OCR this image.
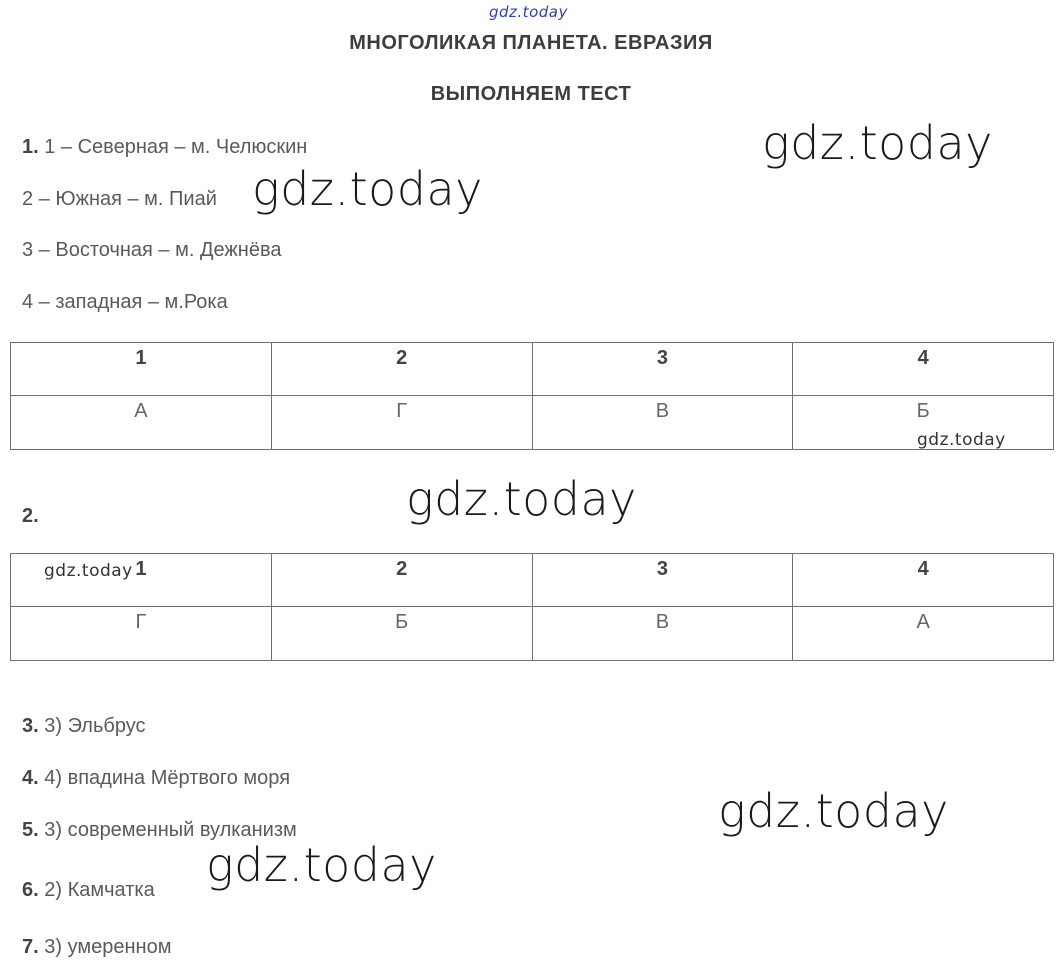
gdz.today
gdz.today
gdz.today
gdz.today
gdz.today
gdz.today
gdz.today
МНОГОЛИКАЯ ПЛАНЕТА. ЕВРАЗИЯ
ВЫПОЛНЯЕМ ТЕСТ
1. 1 – Северная – м. Челюскин
2 – Южная – м. Пиай
3 – Восточная – м. Дежнёва
4 – западная – м.Рока
1	2	3	4
А	Г	В	Б
2.
1	2	3	4
Г	Б	В	А
gdz.today
3. 3) Эльбрус
4. 4) впадина Мёртвого моря
5. 3) современный вулканизм
6. 2) Камчатка
7. 3) умеренном
